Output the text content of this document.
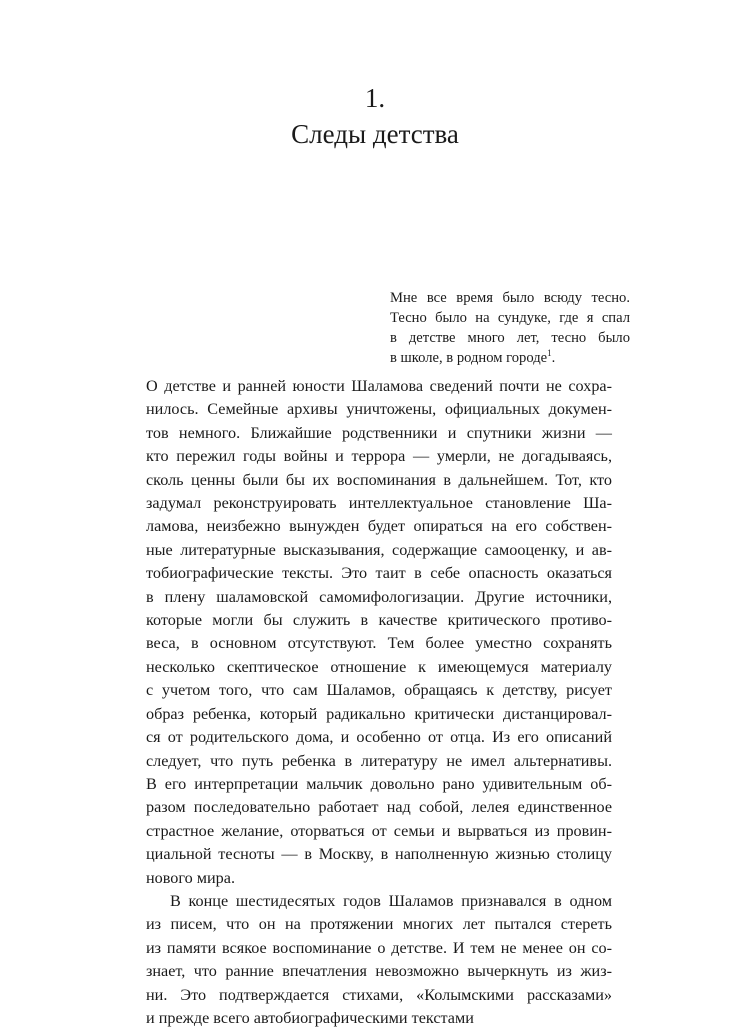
1.
Следы детства
Мне все время было всюду тесно.
Тесно было на сундуке, где я спал
в детстве много лет, тесно было
в школе, в родном городе$^1$.
О детстве и ранней юности Шаламова сведений почти не сохра-
нилось. Семейные архивы уничтожены, официальных докумен-
тов немного. Ближайшие родственники и спутники жизни —
кто пережил годы войны и террора — умерли, не догадываясь,
сколь ценны были бы их воспоминания в дальнейшем. Тот, кто
задумал реконструировать интеллектуальное становление Ша-
ламова, неизбежно вынужден будет опираться на его собствен-
ные литературные высказывания, содержащие самооценку, и ав-
тобиографические тексты. Это таит в себе опасность оказаться
в плену шаламовской самомифологизации. Другие источники,
которые могли бы служить в качестве критического противо-
веса, в основном отсутствуют. Тем более уместно сохранять
несколько скептическое отношение к имеющемуся материалу
с учетом того, что сам Шаламов, обращаясь к детству, рисует
образ ребенка, который радикально критически дистанцировал-
ся от родительского дома, и особенно от отца. Из его описаний
следует, что путь ребенка в литературу не имел альтернативы.
В его интерпретации мальчик довольно рано удивительным об-
разом последовательно работает над собой, лелея единственное
страстное желание, оторваться от семьи и вырваться из провин-
циальной тесноты — в Москву, в наполненную жизнью столицу
нового мира.
В конце шестидесятых годов Шаламов признавался в одном
из писем, что он на протяжении многих лет пытался стереть
из памяти всякое воспоминание о детстве. И тем не менее он со-
знает, что ранние впечатления невозможно вычеркнуть из жиз-
ни. Это подтверждается стихами, «Колымскими рассказами»
и прежде всего автобиографическими текстами
